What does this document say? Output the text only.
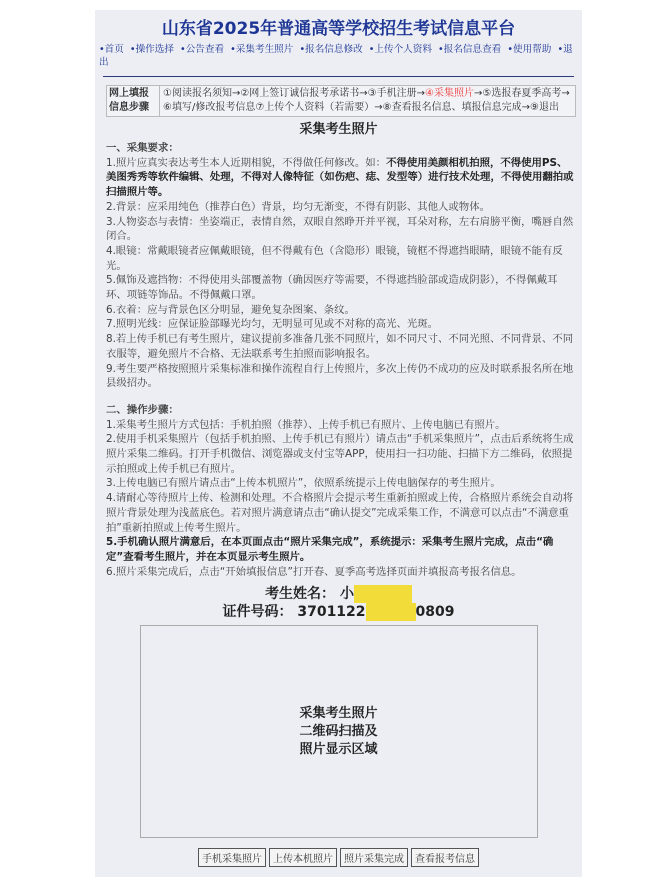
山东省2025年普通高等学校招生考试信息平台
•首页 •操作选择 •公告查看 •采集考生照片 •报名信息修改 •上传个人资料 •报名信息查看 •使用帮助 •退出
网上填报信息步骤
①阅读报名须知→②网上签订诚信报考承诺书→③手机注册→④采集照片→⑤选报春夏季高考→
⑥填写/修改报考信息⑦上传个人资料（若需要）→⑧查看报名信息、填报信息完成→⑨退出
采集考生照片

一、采集要求：

1.照片应真实表达考生本人近期相貌，不得做任何修改。如：不得使用美颜相机拍照，不得使用PS、美图秀秀等软件编辑、处理，不得对人像特征（如伤疤、痣、发型等）进行技术处理，不得使用翻拍或扫描照片等。

2.背景：应采用纯色（推荐白色）背景，均匀无渐变，不得有阴影、其他人或物体。

3.人物姿态与表情：坐姿端正，表情自然，双眼自然睁开并平视，耳朵对称，左右肩膀平衡，嘴唇自然闭合。

4.眼镜：常戴眼镜者应佩戴眼镜，但不得戴有色（含隐形）眼镜，镜框不得遮挡眼睛，眼镜不能有反光。

5.佩饰及遮挡物：不得使用头部覆盖物（确因医疗等需要，不得遮挡脸部或造成阴影），不得佩戴耳环、项链等饰品。不得佩戴口罩。

6.衣着：应与背景色区分明显，避免复杂图案、条纹。

7.照明光线：应保证脸部曝光均匀，无明显可见或不对称的高光、光斑。

8.若上传手机已有考生照片，建议提前多准备几张不同照片，如不同尺寸、不同光照、不同背景、不同衣服等，避免照片不合格、无法联系考生拍照而影响报名。

9.考生要严格按照照片采集标准和操作流程自行上传照片，多次上传仍不成功的应及时联系报名所在地县级招办。

二、操作步骤：

1.采集考生照片方式包括：手机拍照（推荐）、上传手机已有照片、上传电脑已有照片。

2.使用手机采集照片（包括手机拍照、上传手机已有照片）请点击“手机采集照片”，点击后系统将生成照片采集二维码。打开手机微信、浏览器或支付宝等APP，使用扫一扫功能、扫描下方二维码，依照提示拍照或上传手机已有照片。

3.上传电脑已有照片请点击“上传本机照片”，依照系统提示上传电脑保存的考生照片。

4.请耐心等待照片上传、检测和处理。不合格照片会提示考生重新拍照或上传，合格照片系统会自动将照片背景处理为浅蓝底色。若对照片满意请点击“确认提交”完成采集工作，不满意可以点击“不满意重拍”重新拍照或上传考生照片。

5.手机确认照片满意后，在本页面点击“照片采集完成”，系统提示：采集考生照片完成，点击“确定”查看考生照片，并在本页显示考生照片。

6.照片采集完成后，点击“开始填报信息”打开春、夏季高考选择页面并填报高考报名信息。

考生姓名： 小
证件号码： 3701122	0809
采集考生照片
二维码扫描及
照片显示区域
手机采集照片	上传本机照片	照片采集完成	查看报考信息
